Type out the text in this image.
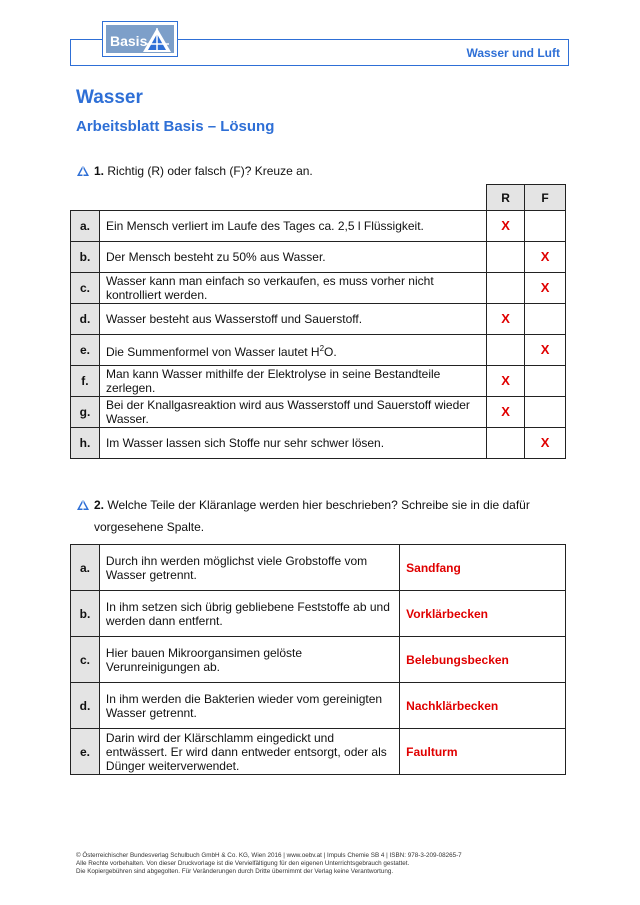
Wasser und Luft
Basis
Wasser
Arbeitsblatt Basis – Lösung
1. Richtig (R) oder falsch (F)? Kreuze an.
		R	F
a.	Ein Mensch verliert im Laufe des Tages ca. 2,5 l Flüssigkeit.	X	
b.	Der Mensch besteht zu 50% aus Wasser.		X
c.	Wasser kann man einfach so verkaufen, es muss vorher nicht kontrolliert werden.		X
d.	Wasser besteht aus Wasserstoff und Sauerstoff.	X	
e.	Die Summenformel von Wasser lautet $H^2O$.		X
f.	Man kann Wasser mithilfe der Elektrolyse in seine Bestandteile zerlegen.	X	
g.	Bei der Knallgasreaktion wird aus Wasserstoff und Sauerstoff wieder Wasser.	X	
h.	Im Wasser lassen sich Stoffe nur sehr schwer lösen.		X
2. Welche Teile der Kläranlage werden hier beschrieben? Schreibe sie in die dafür
vorgesehene Spalte.
a.	Durch ihn werden möglichst viele Grobstoffe vom Wasser getrennt.	Sandfang
b.	In ihm setzen sich übrig gebliebene Feststoffe ab und werden dann entfernt.	Vorklärbecken
c.	Hier bauen Mikroorgansimen gelöste Verunreinigungen ab.	Belebungsbecken
d.	In ihm werden die Bakterien wieder vom gereinigten Wasser getrennt.	Nachklärbecken
e.	Darin wird der Klärschlamm eingedickt und entwässert. Er wird dann entweder entsorgt, oder als Dünger weiterverwendet.	Faulturm
© Österreichischer Bundesverlag Schulbuch GmbH & Co. KG, Wien 2016 | www.oebv.at | Impuls Chemie SB 4 | ISBN: 978-3-209-08265-7
Alle Rechte vorbehalten. Von dieser Druckvorlage ist die Vervielfältigung für den eigenen Unterrichtsgebrauch gestattet.
Die Kopiergebühren sind abgegolten. Für Veränderungen durch Dritte übernimmt der Verlag keine Verantwortung.
